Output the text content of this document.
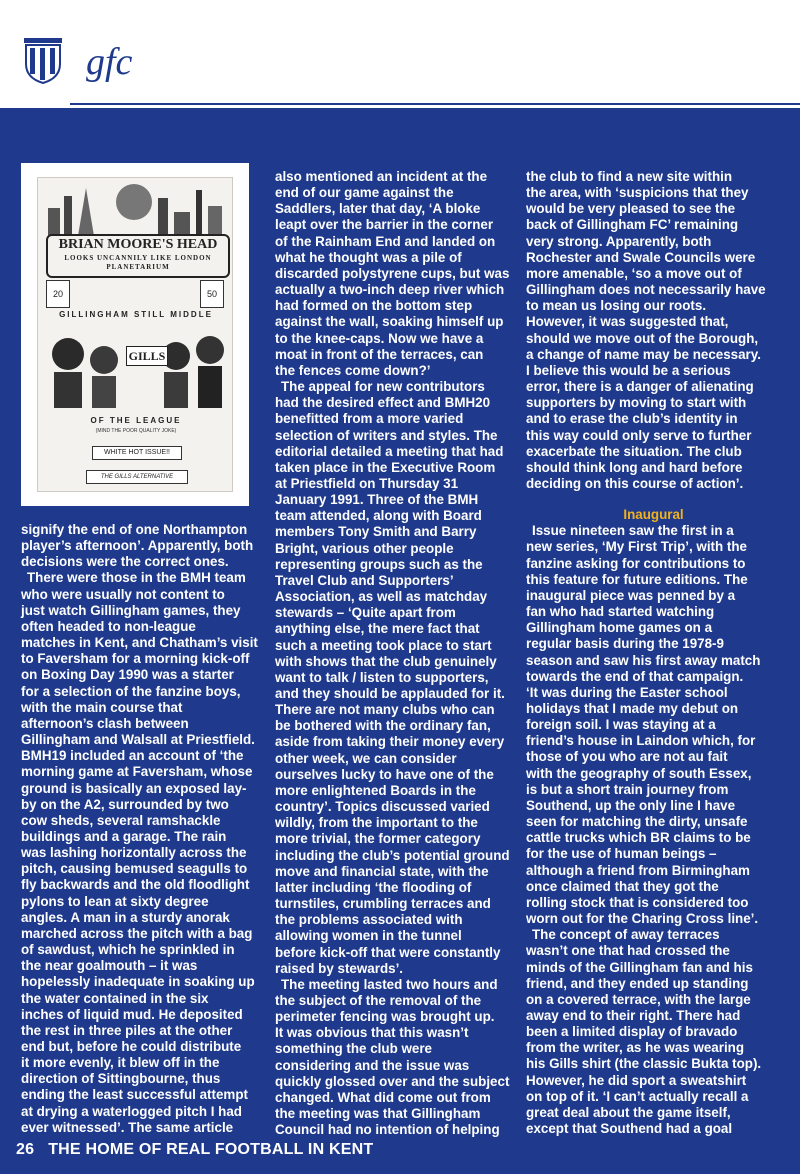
gfc
BRIAN MOORE'S HEAD
LOOKS UNCANNILY LIKE LONDON PLANETARIUM
20	50
GILLINGHAM STILL MIDDLE
GILLS
OF THE LEAGUE
(MIND THE POOR QUALITY JOKE)
WHITE HOT ISSUE!!
THE GILLS ALTERNATIVE

signify the end of one Northampton
player’s afternoon’. Apparently, both
decisions were the correct ones.

There were those in the BMH team
who were usually not content to
just watch Gillingham games, they
often headed to non-league
matches in Kent, and Chatham’s visit
to Faversham for a morning kick-off
on Boxing Day 1990 was a starter
for a selection of the fanzine boys,
with the main course that
afternoon’s clash between
Gillingham and Walsall at Priestfield.
BMH19 included an account of ‘the
morning game at Faversham, whose
ground is basically an exposed lay-
by on the A2, surrounded by two
cow sheds, several ramshackle
buildings and a garage. The rain
was lashing horizontally across the
pitch, causing bemused seagulls to
fly backwards and the old floodlight
pylons to lean at sixty degree
angles. A man in a sturdy anorak
marched across the pitch with a bag
of sawdust, which he sprinkled in
the near goalmouth – it was
hopelessly inadequate in soaking up
the water contained in the six
inches of liquid mud. He deposited
the rest in three piles at the other
end but, before he could distribute
it more evenly, it blew off in the
direction of Sittingbourne, thus
ending the least successful attempt
at drying a waterlogged pitch I had
ever witnessed’. The same article

also mentioned an incident at the
end of our game against the
Saddlers, later that day, ‘A bloke
leapt over the barrier in the corner
of the Rainham End and landed on
what he thought was a pile of
discarded polystyrene cups, but was
actually a two-inch deep river which
had formed on the bottom step
against the wall, soaking himself up
to the knee-caps. Now we have a
moat in front of the terraces, can
the fences come down?’

The appeal for new contributors
had the desired effect and BMH20
benefitted from a more varied
selection of writers and styles. The
editorial detailed a meeting that had
taken place in the Executive Room
at Priestfield on Thursday 31
January 1991. Three of the BMH
team attended, along with Board
members Tony Smith and Barry
Bright, various other people
representing groups such as the
Travel Club and Supporters’
Association, as well as matchday
stewards – ‘Quite apart from
anything else, the mere fact that
such a meeting took place to start
with shows that the club genuinely
want to talk / listen to supporters,
and they should be applauded for it.
There are not many clubs who can
be bothered with the ordinary fan,
aside from taking their money every
other week, we can consider
ourselves lucky to have one of the
more enlightened Boards in the
country’. Topics discussed varied
wildly, from the important to the
more trivial, the former category
including the club’s potential ground
move and financial state, with the
latter including ‘the flooding of
turnstiles, crumbling terraces and
the problems associated with
allowing women in the tunnel
before kick-off that were constantly
raised by stewards’.

The meeting lasted two hours and
the subject of the removal of the
perimeter fencing was brought up.
It was obvious that this wasn’t
something the club were
considering and the issue was
quickly glossed over and the subject
changed. What did come out from
the meeting was that Gillingham
Council had no intention of helping

the club to find a new site within
the area, with ‘suspicions that they
would be very pleased to see the
back of Gillingham FC’ remaining
very strong. Apparently, both
Rochester and Swale Councils were
more amenable, ‘so a move out of
Gillingham does not necessarily have
to mean us losing our roots.
However, it was suggested that,
should we move out of the Borough,
a change of name may be necessary.
I believe this would be a serious
error, there is a danger of alienating
supporters by moving to start with
and to erase the club’s identity in
this way could only serve to further
exacerbate the situation. The club
should think long and hard before
deciding on this course of action’.

Inaugural

Issue nineteen saw the first in a
new series, ‘My First Trip’, with the
fanzine asking for contributions to
this feature for future editions. The
inaugural piece was penned by a
fan who had started watching
Gillingham home games on a
regular basis during the 1978-9
season and saw his first away match
towards the end of that campaign.
‘It was during the Easter school
holidays that I made my debut on
foreign soil. I was staying at a
friend’s house in Laindon which, for
those of you who are not au fait
with the geography of south Essex,
is but a short train journey from
Southend, up the only line I have
seen for matching the dirty, unsafe
cattle trucks which BR claims to be
for the use of human beings –
although a friend from Birmingham
once claimed that they got the
rolling stock that is considered too
worn out for the Charing Cross line’.

The concept of away terraces
wasn’t one that had crossed the
minds of the Gillingham fan and his
friend, and they ended up standing
on a covered terrace, with the large
away end to their right. There had
been a limited display of bravado
from the writer, as he was wearing
his Gills shirt (the classic Bukta top).
However, he did sport a sweatshirt
on top of it. ‘I can’t actually recall a
great deal about the game itself,
except that Southend had a goal

26 THE HOME OF REAL FOOTBALL IN KENT
